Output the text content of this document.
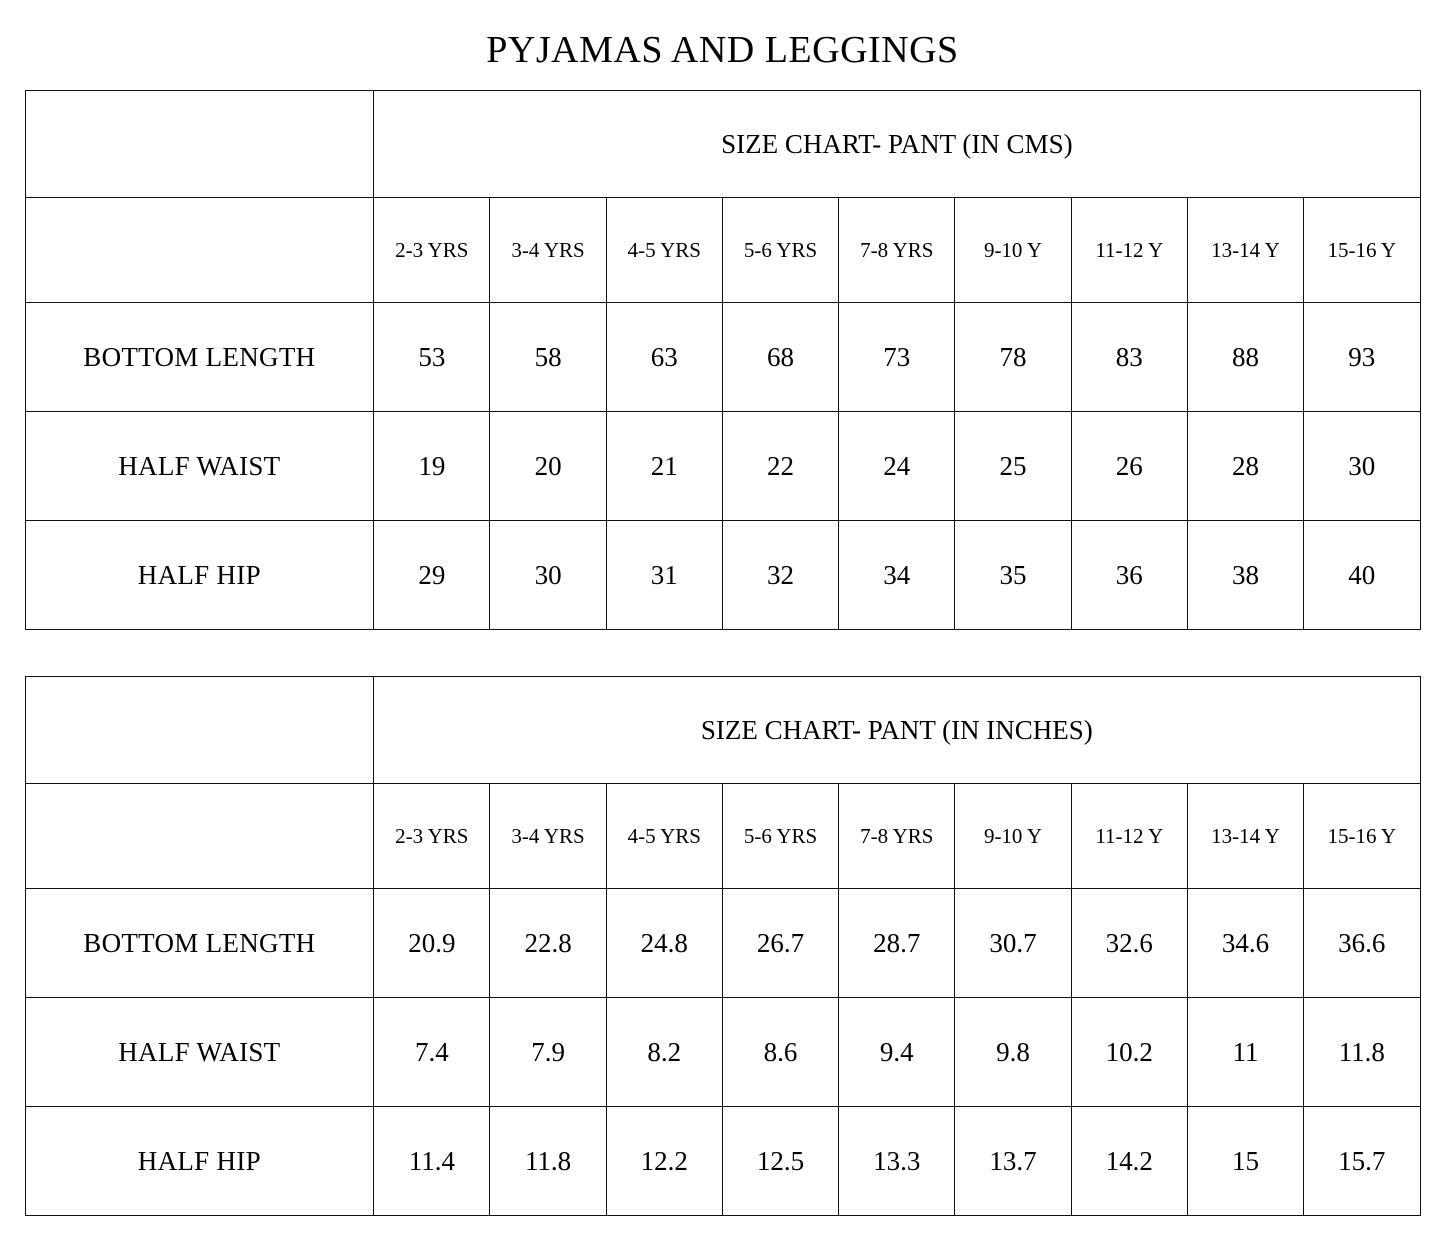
PYJAMAS AND LEGGINGS
	SIZE CHART- PANT (IN CMS)								
	2-3 YRS	3-4 YRS	4-5 YRS	5-6 YRS	7-8 YRS	9-10 Y	11-12 Y	13-14 Y	15-16 Y
BOTTOM LENGTH	53	58	63	68	73	78	83	88	93
HALF WAIST	19	20	21	22	24	25	26	28	30
HALF HIP	29	30	31	32	34	35	36	38	40
	SIZE CHART- PANT (IN INCHES)								
	2-3 YRS	3-4 YRS	4-5 YRS	5-6 YRS	7-8 YRS	9-10 Y	11-12 Y	13-14 Y	15-16 Y
BOTTOM LENGTH	20.9	22.8	24.8	26.7	28.7	30.7	32.6	34.6	36.6
HALF WAIST	7.4	7.9	8.2	8.6	9.4	9.8	10.2	11	11.8
HALF HIP	11.4	11.8	12.2	12.5	13.3	13.7	14.2	15	15.7
